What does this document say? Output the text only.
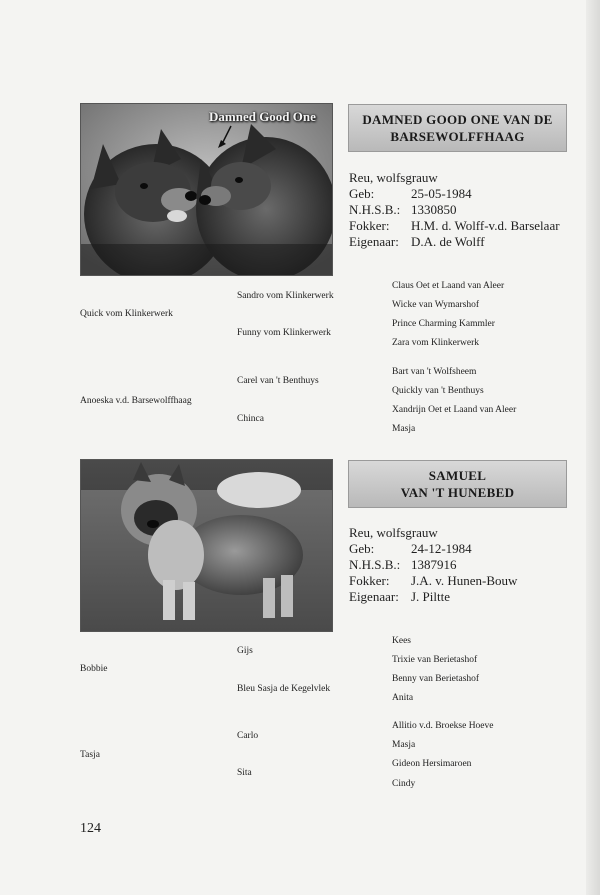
Damned Good One	DAMNED GOOD ONE VAN DE
BARSEWOLFFHAAG
Reu, wolfsgrauw
Geb:	25-05-1984
N.H.S.B.: 1330850
Fokker:	H.M. d. Wolff-v.d. Barselaar
Eigenaar: D.A. de Wolff
Quick vom Klinkerwerk
Anoeska v.d. Barsewolffhaag
Sandro vom Klinkerwerk
Funny vom Klinkerwerk
Carel van 't Benthuys
Chinca
Claus Oet et Laand van Aleer
Wicke van Wymarshof
Prince Charming Kammler
Zara vom Klinkerwerk
Bart van 't Wolfsheem
Quickly van 't Benthuys
Xandrijn Oet et Laand van Aleer
Masja
SAMUEL
VAN 'T HUNEBED
Reu, wolfsgrauw
Geb:	24-12-1984
N.H.S.B.: 1387916
Fokker:	J.A. v. Hunen-Bouw
Eigenaar: J. Piltte
Bobbie
Tasja
Gijs
Bleu Sasja de Kegelvlek
Carlo
Sita
Kees
Trixie van Berietashof
Benny van Berietashof
Anita
Allitio v.d. Broekse Hoeve
Masja
Gideon Hersimaroen
Cindy
124
